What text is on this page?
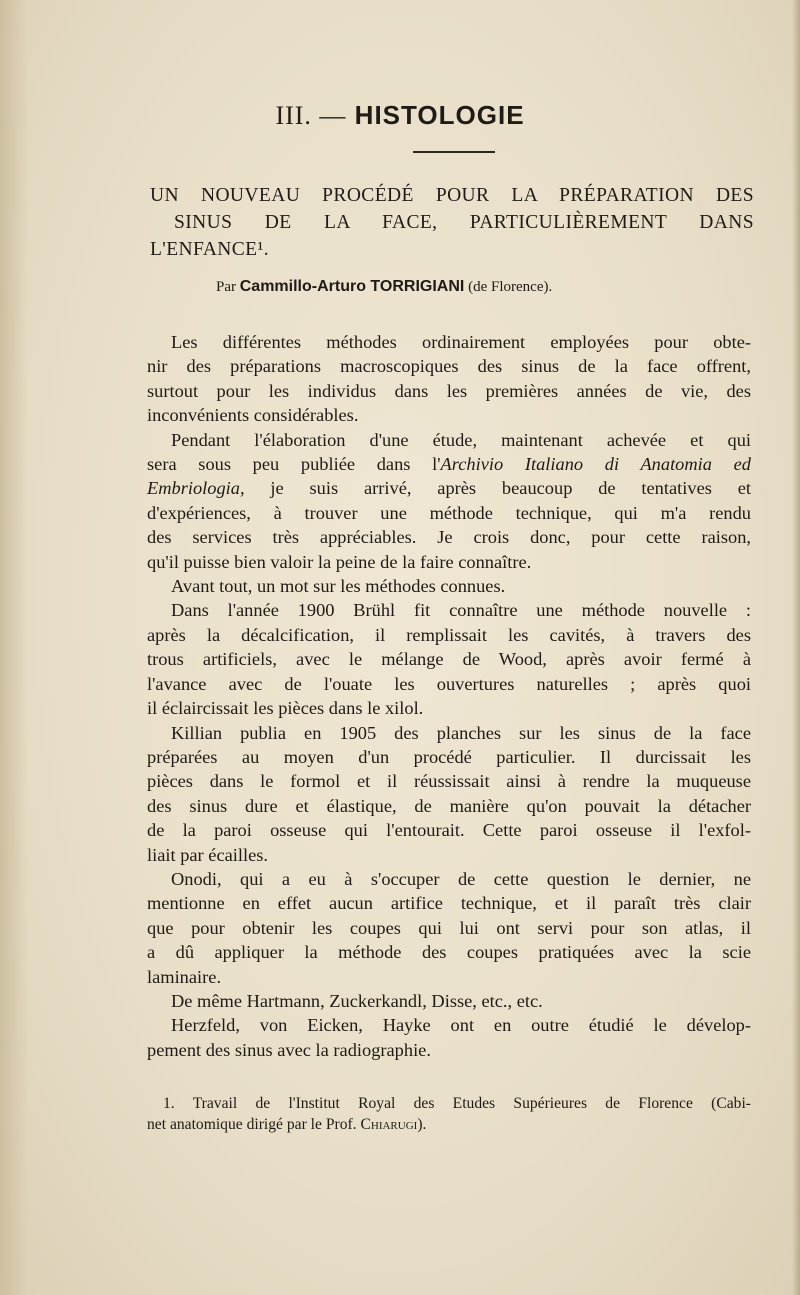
III. — HISTOLOGIE
UN NOUVEAU PROCÉDÉ POUR LA PRÉPARATION DES
SINUS DE LA FACE, PARTICULIÈREMENT DANS
L'ENFANCE¹.
Par Cammillo-Arturo TORRIGIANI (de Florence).
Les différentes méthodes ordinairement employées pour obte-
nir des préparations macroscopiques des sinus de la face offrent,
surtout pour les individus dans les premières années de vie, des
inconvénients considérables.
Pendant l'élaboration d'une étude, maintenant achevée et qui
sera sous peu publiée dans l'Archivio Italiano di Anatomia ed
Embriologia, je suis arrivé, après beaucoup de tentatives et
d'expériences, à trouver une méthode technique, qui m'a rendu
des services très appréciables. Je crois donc, pour cette raison,
qu'il puisse bien valoir la peine de la faire connaître.
Avant tout, un mot sur les méthodes connues.
Dans l'année 1900 Brühl fit connaître une méthode nouvelle :
après la décalcification, il remplissait les cavités, à travers des
trous artificiels, avec le mélange de Wood, après avoir fermé à
l'avance avec de l'ouate les ouvertures naturelles ; après quoi
il éclaircissait les pièces dans le xilol.
Killian publia en 1905 des planches sur les sinus de la face
préparées au moyen d'un procédé particulier. Il durcissait les
pièces dans le formol et il réussissait ainsi à rendre la muqueuse
des sinus dure et élastique, de manière qu'on pouvait la détacher
de la paroi osseuse qui l'entourait. Cette paroi osseuse il l'exfol-
liait par écailles.
Onodi, qui a eu à s'occuper de cette question le dernier, ne
mentionne en effet aucun artifice technique, et il paraît très clair
que pour obtenir les coupes qui lui ont servi pour son atlas, il
a dû appliquer la méthode des coupes pratiquées avec la scie
laminaire.
De même Hartmann, Zuckerkandl, Disse, etc., etc.
Herzfeld, von Eicken, Hayke ont en outre étudié le dévelop-
pement des sinus avec la radiographie.
1. Travail de l'Institut Royal des Etudes Supérieures de Florence (Cabi-
net anatomique dirigé par le Prof. Chiarugi).
